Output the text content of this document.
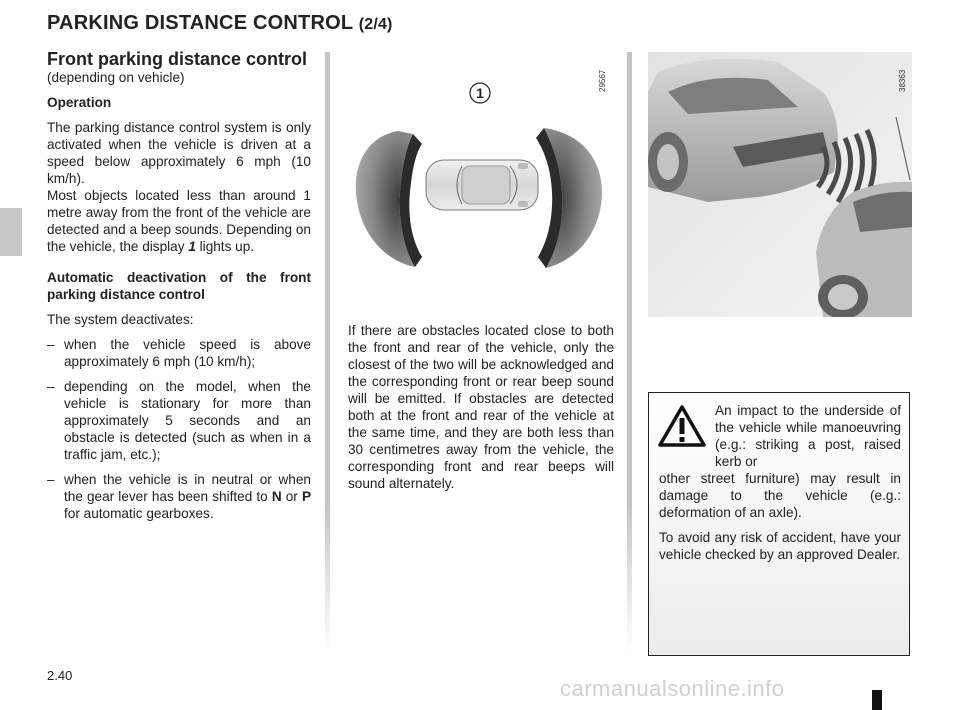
PARKING DISTANCE CONTROL (2/4)

Front parking distance control

(depending on vehicle)

Operation

The parking distance control system is only activated when the vehicle is driven at a speed below approximately 6 mph (10 km/h).

Most objects located less than around 1 metre away from the front of the vehicle are detected and a beep sounds. Depending on the vehicle, the display 1 lights up.

Automatic deactivation of the front parking distance control

The system deactivates:

– when the vehicle speed is above approximately 6 mph (10 km/h);
– depending on the model, when the vehicle is stationary for more than approximately 5 seconds and an obstacle is detected (such as when in a traffic jam, etc.);
– when the vehicle is in neutral or when the gear lever has been shifted to N or P for automatic gearboxes.
1
29567	38363
If there are obstacles located close to both the front and rear of the vehicle, only the closest of the two will be acknowledged and the corresponding front or rear beep sound will be emitted. If obstacles are detected both at the front and rear of the vehicle at the same time, and they are both less than 30 centimetres away from the vehicle, the corresponding front and rear beeps will sound alternately.
An impact to the underside of the vehicle while manoeuvring (e.g.: striking a post, raised kerb or

other street furniture) may result in damage to the vehicle (e.g.: deformation of an axle).

To avoid any risk of accident, have your vehicle checked by an approved Dealer.

2.40
carmanualsonline.info
